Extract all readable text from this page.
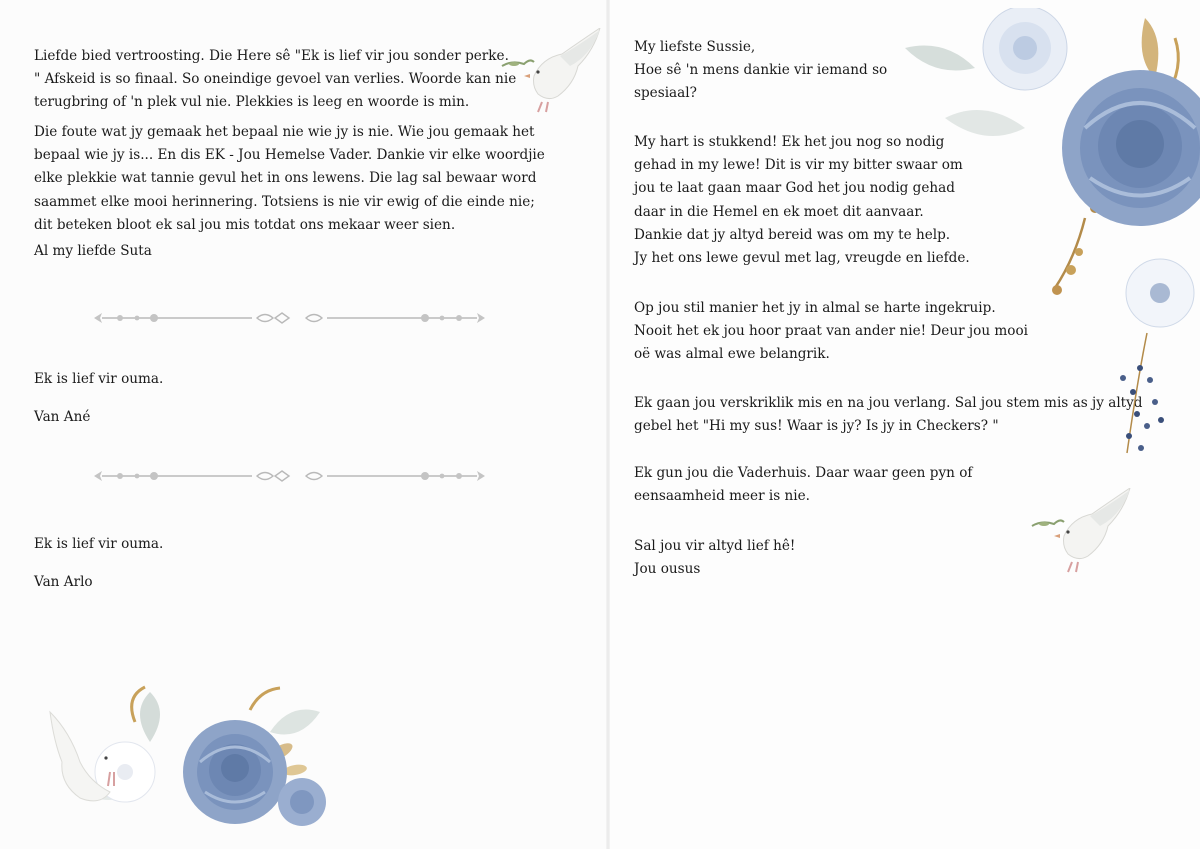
Liefde bied vertroosting. Die Here sê "Ek is lief vir jou sonder perke.
" Afskeid is so finaal. So oneindige gevoel van verlies. Woorde kan nie
terugbring of 'n plek vul nie. Plekkies is leeg en woorde is min.

Die foute wat jy gemaak het bepaal nie wie jy is nie. Wie jou gemaak het
bepaal wie jy is... En dis EK - Jou Hemelse Vader. Dankie vir elke woordjie
elke plekkie wat tannie gevul het in ons lewens. Die lag sal bewaar word
saammet elke mooi herinnering. Totsiens is nie vir ewig of die einde nie;
dit beteken bloot ek sal jou mis totdat ons mekaar weer sien.

Al my liefde Suta

Ek is lief vir ouma.

Van Ané

Ek is lief vir ouma.

Van Arlo

My liefste Sussie,
Hoe sê 'n mens dankie vir iemand so
spesiaal?

My hart is stukkend! Ek het jou nog so nodig
gehad in my lewe! Dit is vir my bitter swaar om
jou te laat gaan maar God het jou nodig gehad
daar in die Hemel en ek moet dit aanvaar.
Dankie dat jy altyd bereid was om my te help.
Jy het ons lewe gevul met lag, vreugde en liefde.

Op jou stil manier het jy in almal se harte ingekruip.
Nooit het ek jou hoor praat van ander nie! Deur jou mooi
oë was almal ewe belangrik.

Ek gaan jou verskriklik mis en na jou verlang. Sal jou stem mis as jy altyd
gebel het "Hi my sus! Waar is jy? Is jy in Checkers? "

Ek gun jou die Vaderhuis. Daar waar geen pyn of
eensaamheid meer is nie.

Sal jou vir altyd lief hê!
Jou ousus
